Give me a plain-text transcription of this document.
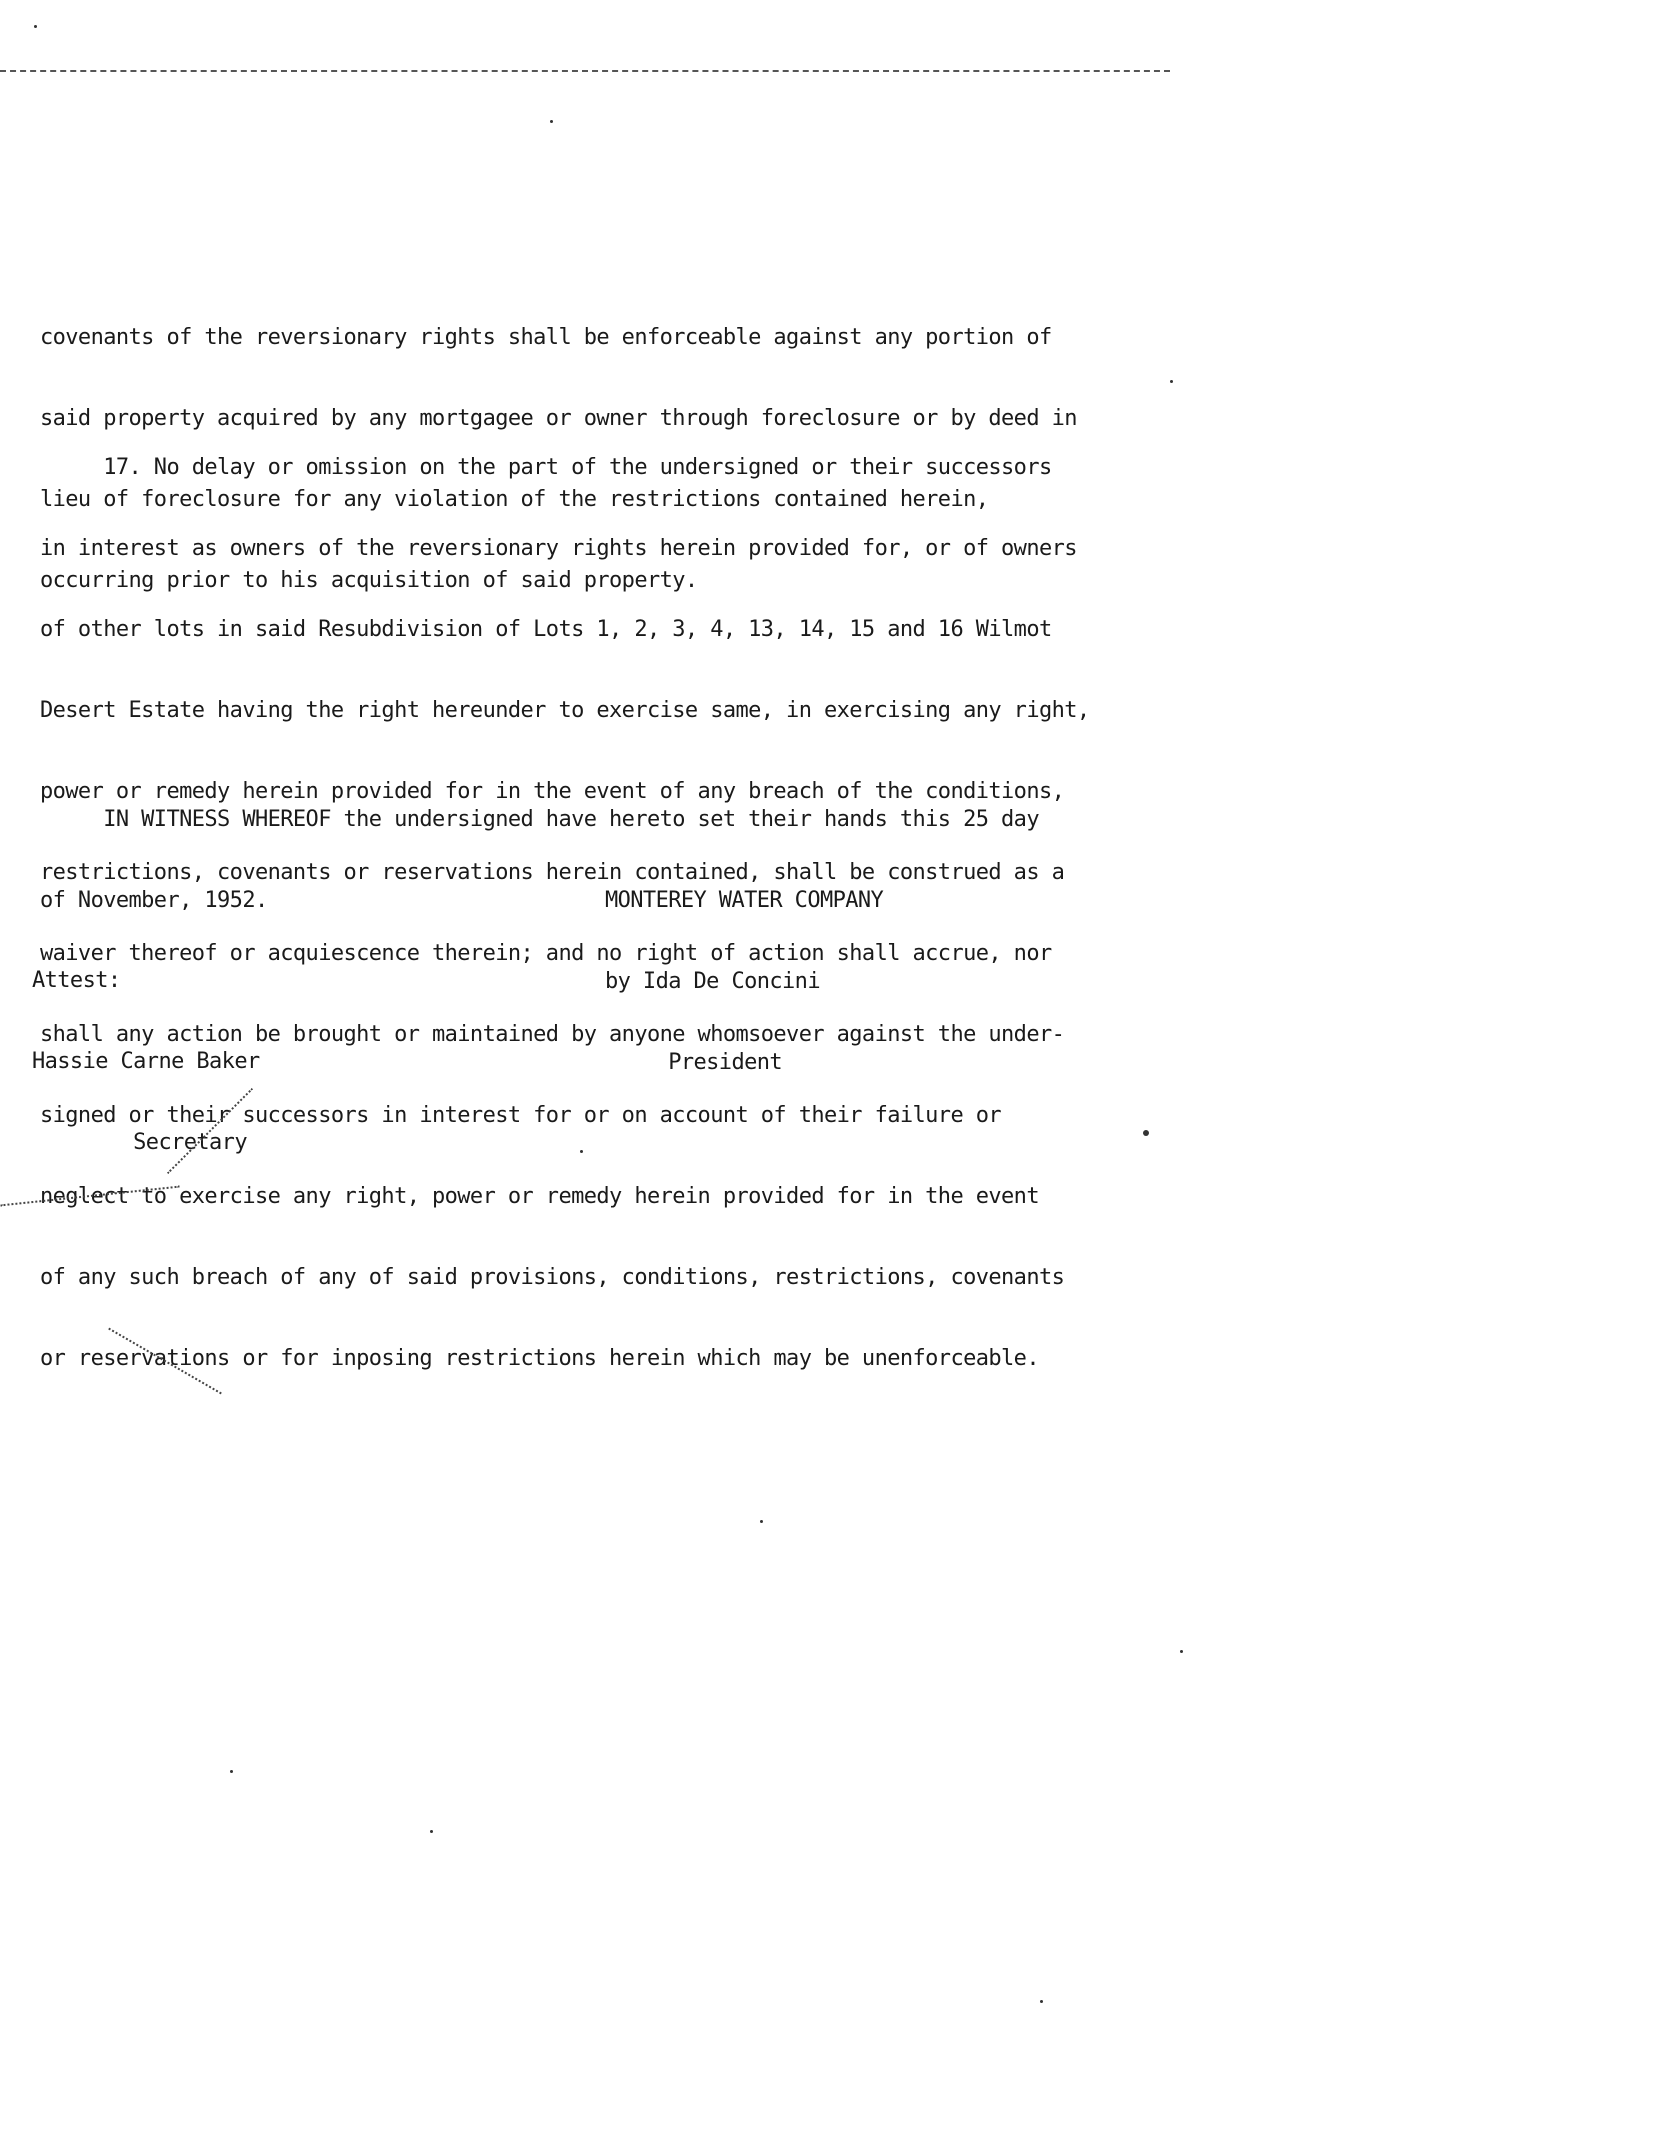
covenants of the reversionary rights shall be enforceable against any portion of

said property acquired by any mortgagee or owner through foreclosure or by deed in

lieu of foreclosure for any violation of the restrictions contained herein,

occurring prior to his acquisition of said property.

17. No delay or omission on the part of the undersigned or their successors

in interest as owners of the reversionary rights herein provided for, or of owners

of other lots in said Resubdivision of Lots 1, 2, 3, 4, 13, 14, 15 and 16 Wilmot

Desert Estate having the right hereunder to exercise same, in exercising any right,

power or remedy herein provided for in the event of any breach of the conditions,

restrictions, covenants or reservations herein contained, shall be construed as a

waiver thereof or acquiescence therein; and no right of action shall accrue, nor

shall any action be brought or maintained by anyone whomsoever against the under-

signed or their successors in interest for or on account of their failure or

neglect to exercise any right, power or remedy herein provided for in the event

of any such breach of any of said provisions, conditions, restrictions, covenants

or reservations or for inposing restrictions herein which may be unenforceable.

IN WITNESS WHEREOF the undersigned have hereto set their hands this 25 day

of November, 1952.

	MONTEREY WATER COMPANY

by Ida De Concini

President

Attest:

Hassie Carne Baker

Secretary
